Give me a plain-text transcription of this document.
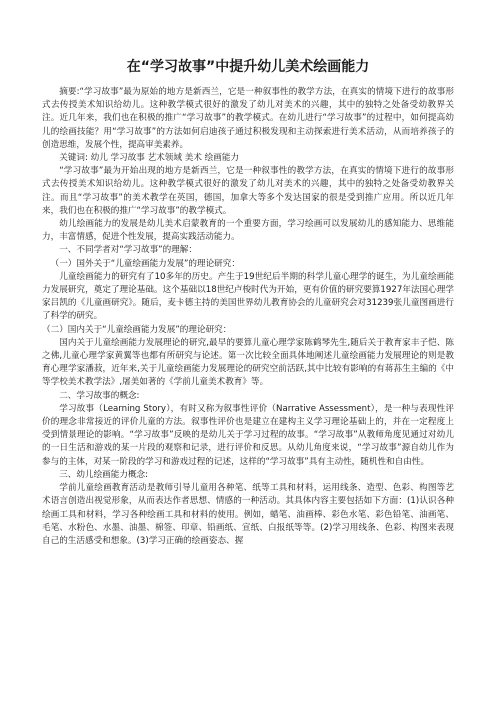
在“学习故事”中提升幼儿美术绘画能力

摘要:“学习故事”最为原始的地方是新西兰，它是一种叙事性的教学方法，在真实的情境下进行的故事形式去传授美术知识给幼儿。这种教学模式很好的激发了幼儿对美术的兴趣，其中的独特之处备受幼教界关注。近几年来，我们也在积极的推广“学习故事”的教学模式。在幼儿进行“学习故事”的过程中，如何提高幼儿的绘画技能？用“学习故事”的方法如何启迪孩子通过积极发现和主动探索进行美术活动，从而培养孩子的创造思维，发展个性，提高审美素养。

关键词: 幼儿 学习故事 艺术领域 美术 绘画能力

“学习故事”最为开始出现的地方是新西兰，它是一种叙事性的教学方法，在真实的情境下进行的故事形式去传授美术知识给幼儿。这种教学模式很好的激发了幼儿对美术的兴趣，其中的独特之处备受幼教界关注。而且“学习故事”的美术教学在英国，德国，加拿大等多个发达国家的很是受到推广应用。所以近几年来，我们也在积极的推广“学习故事”的教学模式。

幼儿绘画能力的发展是幼儿美术启蒙教育的一个重要方面，学习绘画可以发展幼儿的感知能力、思维能力，丰富情感，促进个性发展，提高实践活动能力。

一、不同学者对“学习故事”的理解：

（一）国外关于“儿童绘画能力发展”的理论研究：

儿童绘画能力的研究有了10多年的历史。产生于19世纪后半期的科学儿童心理学的诞生，为儿童绘画能力发展研究，奠定了理论基础。这个基础以18世纪卢梭时代为开始，更有价值的研究要算1927年法国心理学家吕凯的《儿童画研究》。随后，麦卡德主持的美国世界幼儿教育协会的儿童研究会对31239张儿童图画进行了科学的研究。

（二）国内关于“儿童绘画能力发展”的理论研究：

国内关于儿童绘画能力发展理论的研究,最早的要算儿童心理学家陈鹤琴先生,随后关于教育家丰子恺、陈之佛,儿童心理学家黄翼等也都有所研究与论述。第一次比较全面具体地阐述儿童绘画能力发展理论的则是教育心理学家潘菽，近年来,关于儿童绘画能力发展理论的研究空前活跃,其中比较有影响的有蒋荪生主编的《中等学校美术教学法》,屠美如著的《学前儿童美术教育》等。

二、学习故事的概念:

学习故事（Learning Story），有时又称为叙事性评价（Narrative Assessment），是一种与表现性评价的理念非常接近的评价儿童的方法。叙事性评价也是建立在建构主义学习理论基础上的，并在一定程度上受到情景理论的影响。“学习故事”反映的是幼儿关于学习过程的故事。“学习故事”从教师角度见通过对幼儿的一日生活和游戏的某一片段的观察和记录，进行评价和反思。从幼儿角度来说，“学习故事”源自幼儿作为参与的主体，对某一阶段的学习和游戏过程的记述，这样的“学习故事”具有主动性，随机性和自由性。

三、幼儿绘画能力概念:

学前儿童绘画教育活动是教师引导儿童用各种笔、纸等工具和材料，运用线条、造型、色彩、构图等艺术语言创造出视觉形象，从而表达作者思想、情感的一种活动。其具体内容主要包括如下方面：(1)认识各种绘画工具和材料，学习各种绘画工具和材料的使用。例如，蜡笔、油画棒、彩色水笔、彩色铅笔、油画笔、毛笔、水粉色、水墨、油墨、棉签、印章、铅画纸、宣纸、白报纸等等。(2)学习用线条、色彩、构图来表现自己的生活感受和想象。(3)学习正确的绘画姿态、握
